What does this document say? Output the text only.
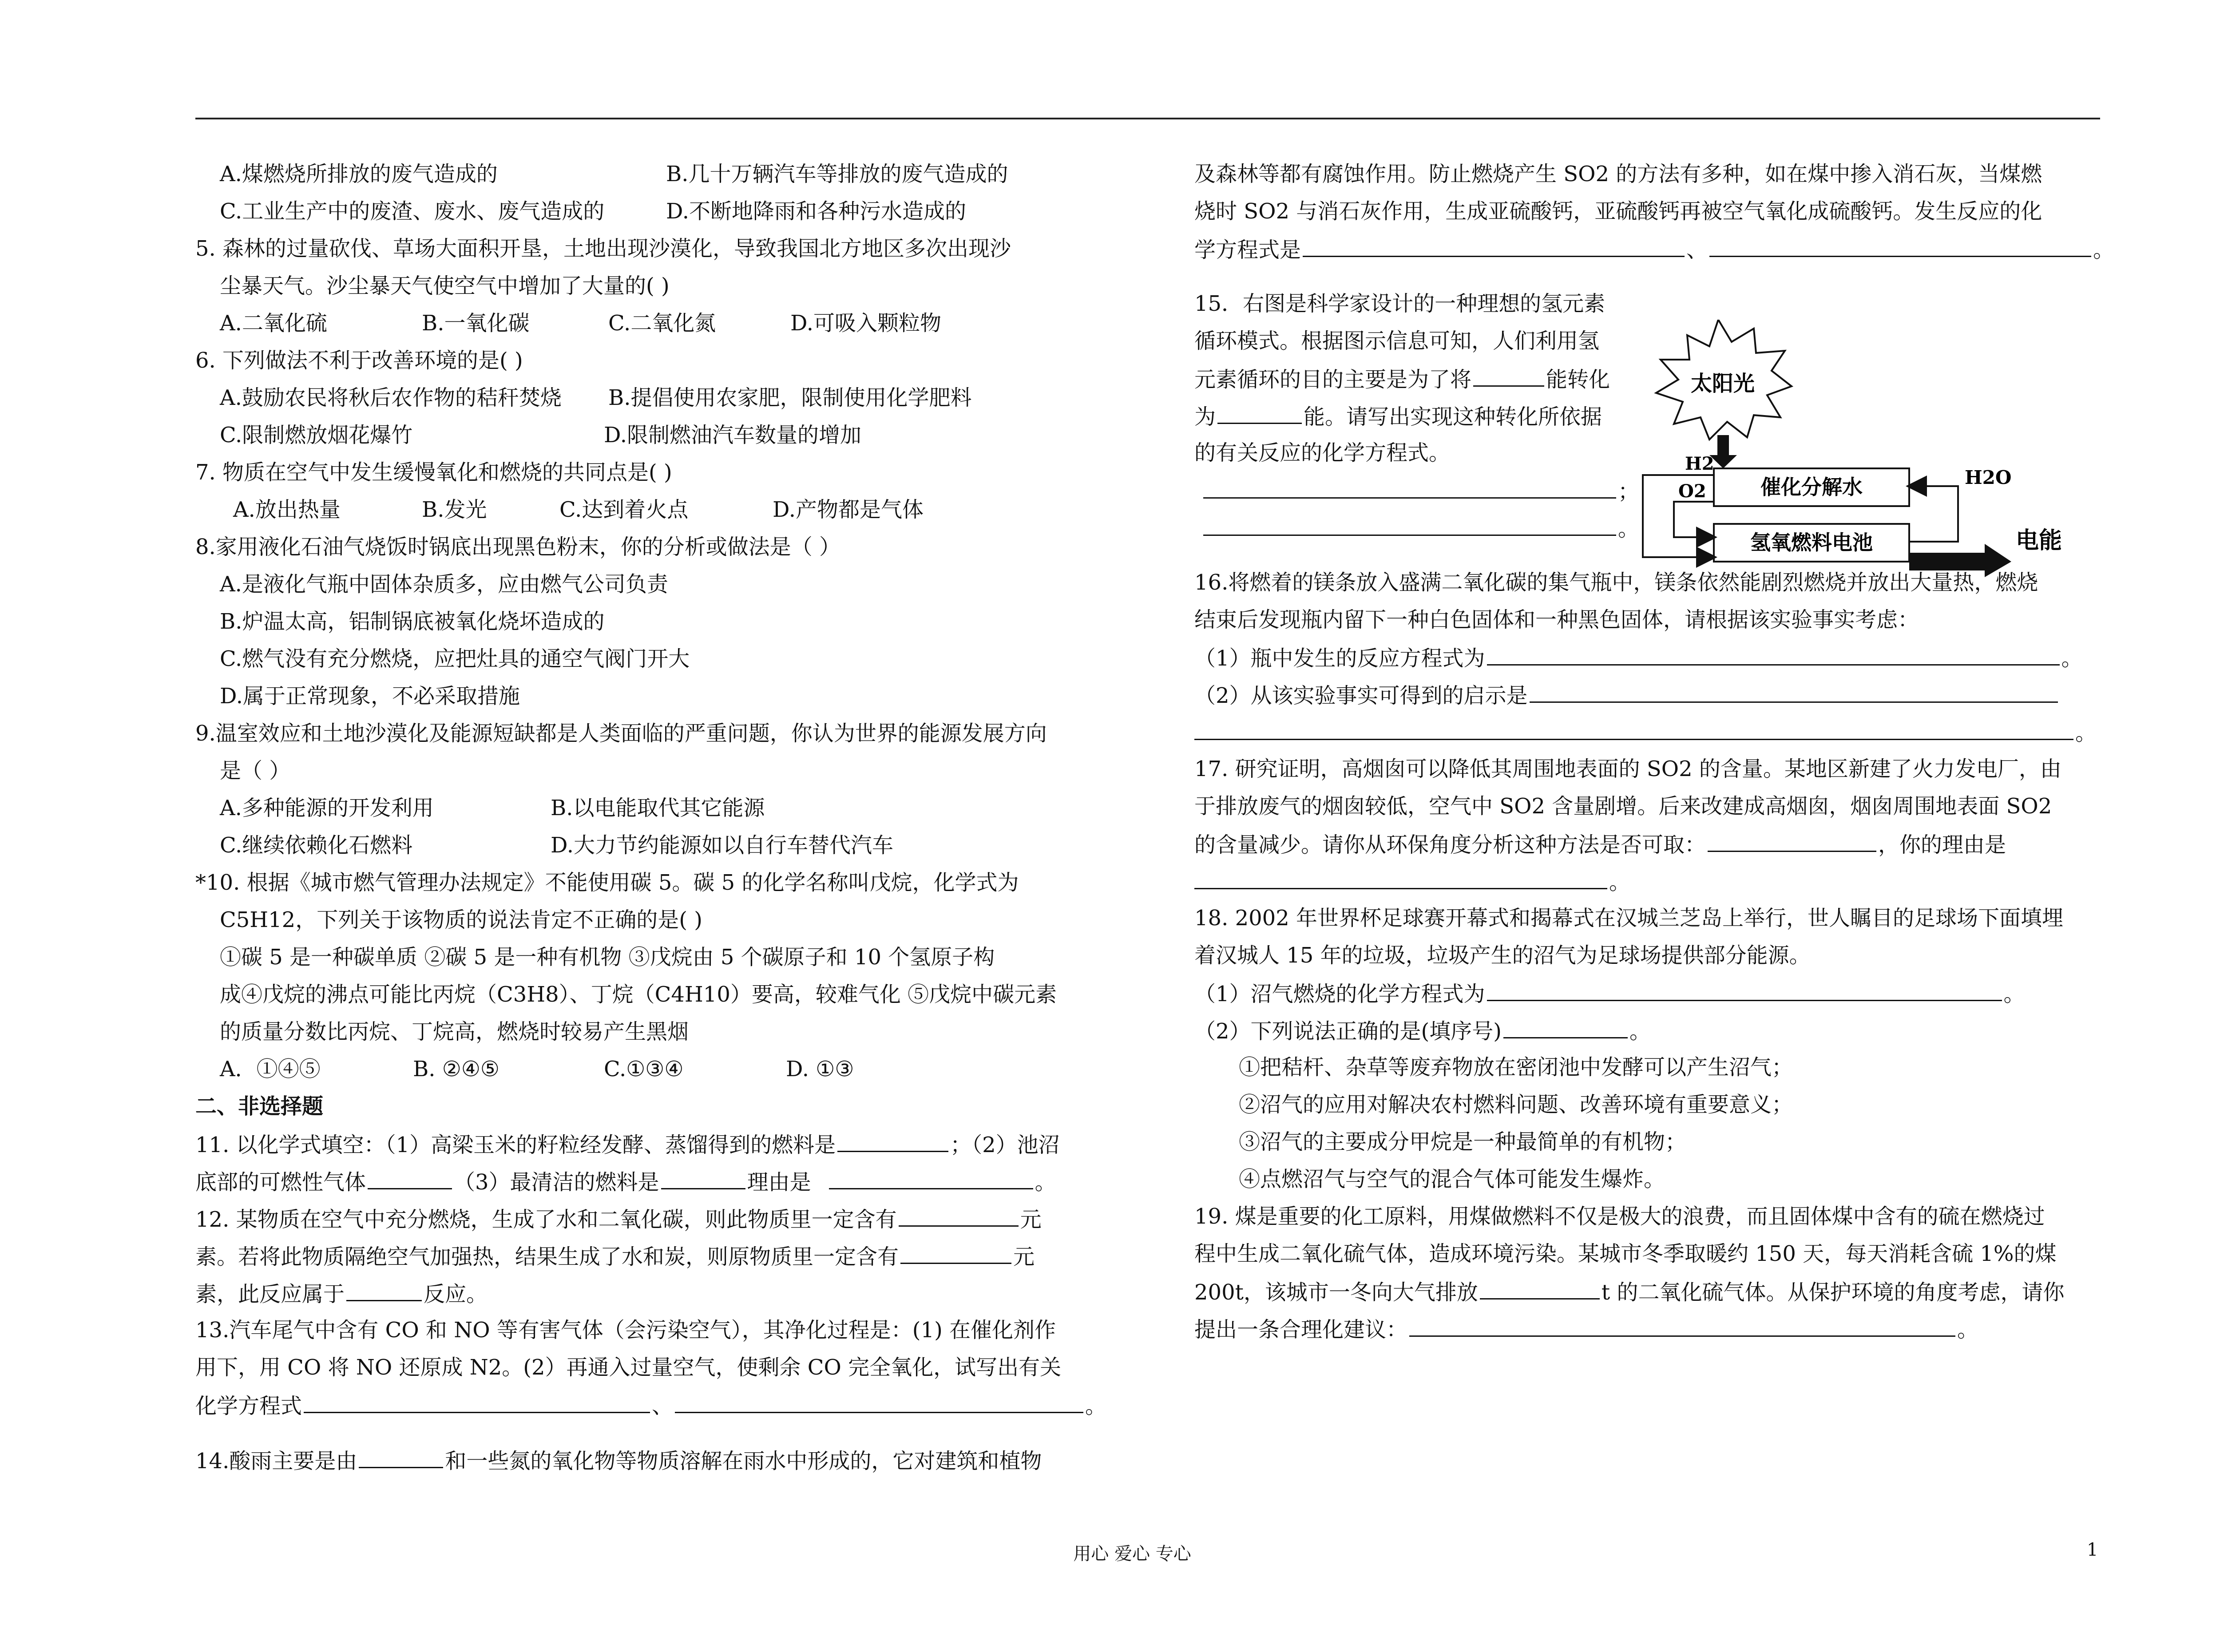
A.煤燃烧所排放的废气造成的	B.几十万辆汽车等排放的废气造成的
C.工业生产中的废渣、废水、废气造成的	D.不断地降雨和各种污水造成的
5. 森林的过量砍伐、草场大面积开垦，土地出现沙漠化，导致我国北方地区多次出现沙
尘暴天气。沙尘暴天气使空气中增加了大量的( )
A.二氧化硫	B.一氧化碳	C.二氧化氮	D.可吸入颗粒物
6. 下列做法不利于改善环境的是( )
A.鼓励农民将秋后农作物的秸秆焚烧 B.提倡使用农家肥，限制使用化学肥料
C.限制燃放烟花爆竹	D.限制燃油汽车数量的增加
7. 物质在空气中发生缓慢氧化和燃烧的共同点是( )
A.放出热量	B.发光	C.达到着火点	D.产物都是气体
8.家用液化石油气烧饭时锅底出现黑色粉末，你的分析或做法是（ ）
A.是液化气瓶中固体杂质多，应由燃气公司负责
B.炉温太高，铝制锅底被氧化烧坏造成的
C.燃气没有充分燃烧，应把灶具的通空气阀门开大
D.属于正常现象，不必采取措施
9.温室效应和土地沙漠化及能源短缺都是人类面临的严重问题，你认为世界的能源发展方向
是（ ）
A.多种能源的开发利用	B.以电能取代其它能源
C.继续依赖化石燃料	D.大力节约能源如以自行车替代汽车
*10. 根据《城市燃气管理办法规定》不能使用碳 5。碳 5 的化学名称叫戊烷，化学式为
C5H12，下列关于该物质的说法肯定不正确的是( )
①碳 5 是一种碳单质 ②碳 5 是一种有机物 ③戊烷由 5 个碳原子和 10 个氢原子构
成④戊烷的沸点可能比丙烷（C3H8）、丁烷（C4H10）要高，较难气化 ⑤戊烷中碳元素
的质量分数比丙烷、丁烷高，燃烧时较易产生黑烟
A．①④⑤	B. ②④⑤	C.①③④	D. ①③
二、非选择题
11. 以化学式填空：（1）高梁玉米的籽粒经发酵、蒸馏得到的燃料是	；（2）池沼
底部的可燃性气体	（3）最清洁的燃料是	理由是	。
12. 某物质在空气中充分燃烧，生成了水和二氧化碳，则此物质里一定含有	元
素。若将此物质隔绝空气加强热，结果生成了水和炭，则原物质里一定含有	元
素，此反应属于	反应。
13.汽车尾气中含有 CO 和 NO 等有害气体（会污染空气），其净化过程是：(1) 在催化剂作
用下，用 CO 将 NO 还原成 N2。(2）再通入过量空气，使剩余 CO 完全氧化，试写出有关
化学方程式	、	。
14.酸雨主要是由	和一些氮的氧化物等物质溶解在雨水中形成的，它对建筑和植物
及森林等都有腐蚀作用。防止燃烧产生 SO2 的方法有多种，如在煤中掺入消石灰，当煤燃
烧时 SO2 与消石灰作用，生成亚硫酸钙，亚硫酸钙再被空气氧化成硫酸钙。发生反应的化
学方程式是	、	。
15．右图是科学家设计的一种理想的氢元素
循环模式。根据图示信息可知，人们利用氢
元素循环的目的主要是为了将	能转化
为	能。请写出实现这种转化所依据
的有关反应的化学方程式。
；
。
16.将燃着的镁条放入盛满二氧化碳的集气瓶中，镁条依然能剧烈燃烧并放出大量热，燃烧
结束后发现瓶内留下一种白色固体和一种黑色固体，请根据该实验事实考虑：
（1）瓶中发生的反应方程式为	。
（2）从该实验事实可得到的启示是
。
17. 研究证明，高烟囱可以降低其周围地表面的 SO2 的含量。某地区新建了火力发电厂，由
于排放废气的烟囱较低，空气中 SO2 含量剧增。后来改建成高烟囱，烟囱周围地表面 SO2
的含量减少。请你从环保角度分析这种方法是否可取：	，你的理由是
。
18. 2002 年世界杯足球赛开幕式和揭幕式在汉城兰芝岛上举行，世人瞩目的足球场下面填埋
着汉城人 15 年的垃圾，垃圾产生的沼气为足球场提供部分能源。
（1）沼气燃烧的化学方程式为	。
（2）下列说法正确的是(填序号)	。
①把秸杆、杂草等废弃物放在密闭池中发酵可以产生沼气；
②沼气的应用对解决农村燃料问题、改善环境有重要意义；
③沼气的主要成分甲烷是一种最简单的有机物；
④点燃沼气与空气的混合气体可能发生爆炸。
19. 煤是重要的化工原料，用煤做燃料不仅是极大的浪费，而且固体煤中含有的硫在燃烧过
程中生成二氧化硫气体，造成环境污染。某城市冬季取暖约 150 天，每天消耗含硫 1%的煤
200t，该城市一冬向大气排放	t 的二氧化硫气体。从保护环境的角度考虑，请你
提出一条合理化建议：	。
太阳光
催化分解水
氢氧燃料电池
H2
O2
H2O
电能
用心 爱心 专心	1
